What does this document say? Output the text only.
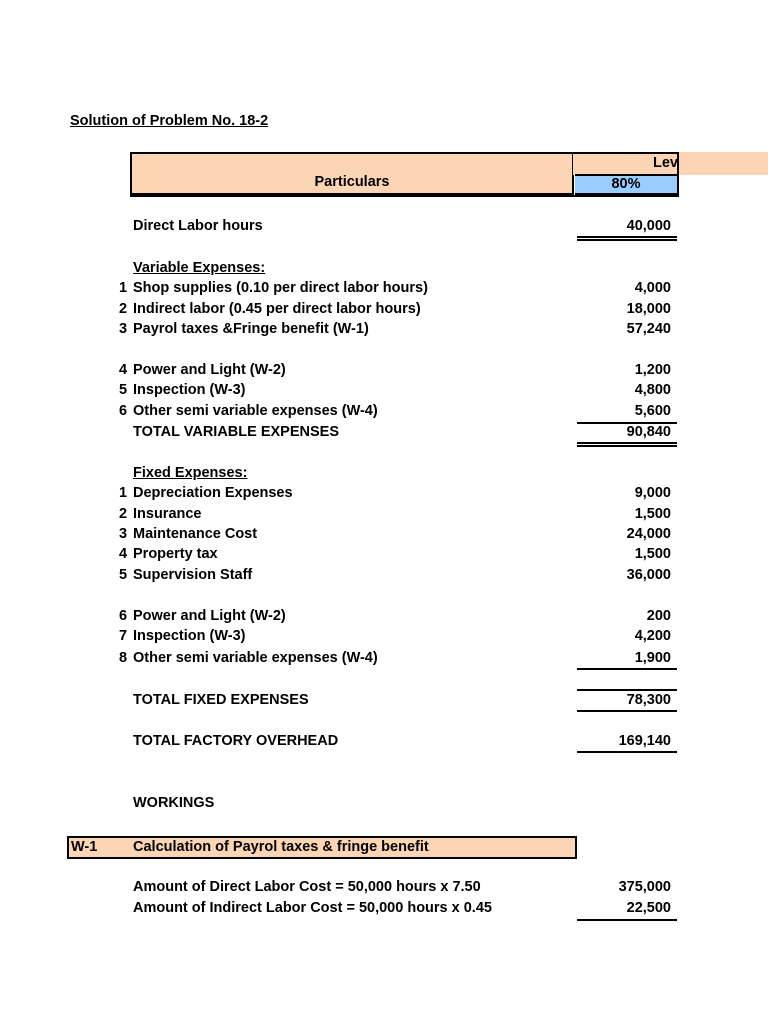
Solution of Problem No. 18-2
Particulars
Lev
80%
Direct Labor hours	40,000
Variable Expenses:
1 Shop supplies (0.10 per direct labor hours)	4,000
2 Indirect labor (0.45 per direct labor hours)	18,000
3 Payrol taxes &Fringe benefit (W-1)	57,240
4 Power and Light (W-2)	1,200
5 Inspection (W-3)	4,800
6 Other semi variable expenses (W-4)	5,600
TOTAL VARIABLE EXPENSES	90,840
Fixed Expenses:
1 Depreciation Expenses	9,000
2 Insurance	1,500
3 Maintenance Cost	24,000
4 Property tax	1,500
5 Supervision Staff	36,000
6 Power and Light (W-2)	200
7 Inspection (W-3)	4,200
8 Other semi variable expenses (W-4)	1,900
TOTAL FIXED EXPENSES	78,300
TOTAL FACTORY OVERHEAD	169,140
WORKINGS
W-1 Calculation of Payrol taxes & fringe benefit
Amount of Direct Labor Cost = 50,000 hours x 7.50	375,000
Amount of Indirect Labor Cost = 50,000 hours x 0.45	22,500
